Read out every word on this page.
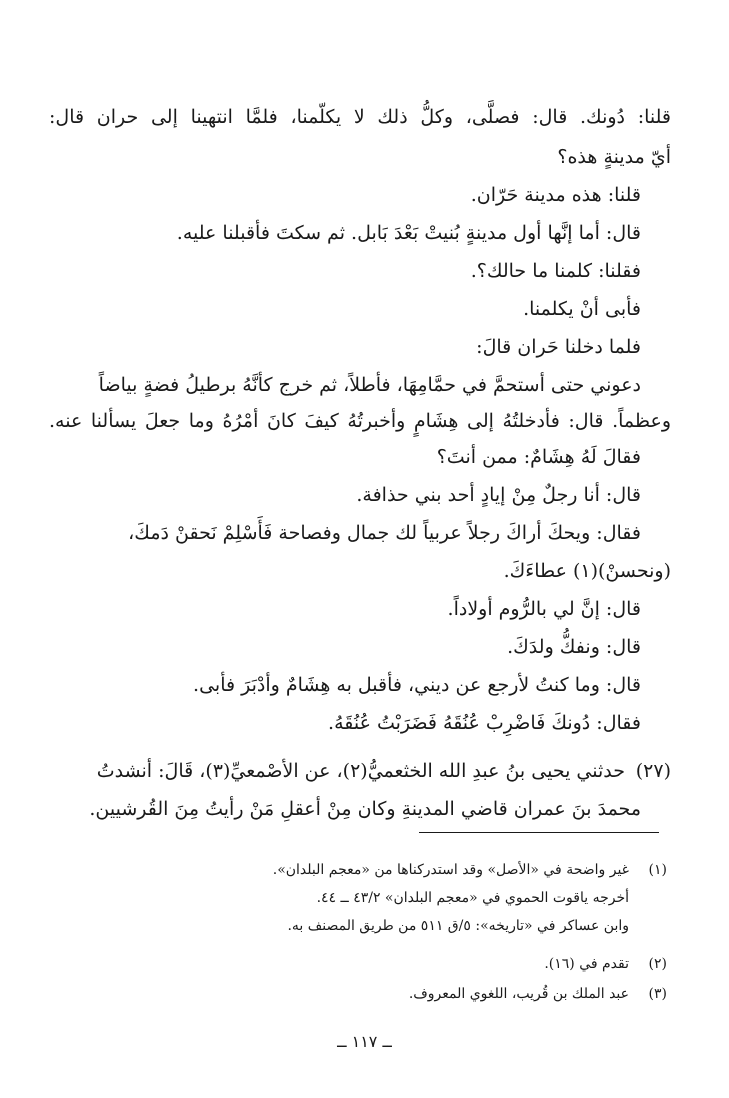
قلنا: دُونك. قال: فصلَّى، وكلُّ ذلك لا يكلّمنا، فلمَّا انتهينا إلى حران قال:
أيّ مدينةٍ هذه؟
قلنا: هذه مدينة حَرّان.
قال: أما إنَّها أول مدينةٍ بُنيتْ بَعْدَ بَابل. ثم سكتَ فأقبلنا عليه.
فقلنا: كلمنا ما حالك؟.
فأبى أنْ يكلمنا.
فلما دخلنا حَران قالَ:
دعوني حتى أستحمَّ في حمَّامِهَا، فأطلاً، ثم خرج كأنَّهُ برطيلُ فضةٍ بياضاً
وعظماً. قال: فأدخلتُهُ إلى هِشَامٍ وأخبرتُهُ كيفَ كانَ أمْرُهُ وما جعلَ يسألنا عنه.
فقالَ لَهُ هِشَامٌ: ممن أنتَ؟
قال: أنا رجلٌ مِنْ إيادٍ أحد بني حذافة.
فقال: ويحكَ أراكَ رجلاً عربياً لك جمال وفصاحة فَأَسْلِمْ نَحقنْ دَمكَ،
(ونحسنْ)(١) عطاءَكَ.
قال: إنَّ لي بالرُّوم أولاداً.
قال: ونفكُّ ولدَكَ.
قال: وما كنتُ لأرجع عن ديني، فأقبل به هِشَامٌ وأدْبَرَ فأبى.
فقال: دُونكَ فَاضْرِبْ عُنُقَهُ فَضَرَبْتُ عُنُقَهُ.
(٢٧)حدثني يحيى بنُ عبدِ الله الخثعميُّ(٢)، عن الأصْمعيِّ(٣)، قَالَ: أنشدتُ
محمدَ بنَ عمران قاضي المدينةِ وكان مِنْ أعقلِ مَنْ رأيتُ مِنَ القُرشيين.
(١)غير واضحة في «الأصل» وقد استدركناها من «معجم البلدان».
أخرجه ياقوت الحموي في «معجم البلدان» ٤٣/٢ ــ ٤٤.
وابن عساكر في «تاريخه»: ٥/ق ٥١١ من طريق المصنف به.
(٢)تقدم في (١٦).
(٣)عبد الملك بن قُريب، اللغوي المعروف.
ــ ١١٧ ــ
